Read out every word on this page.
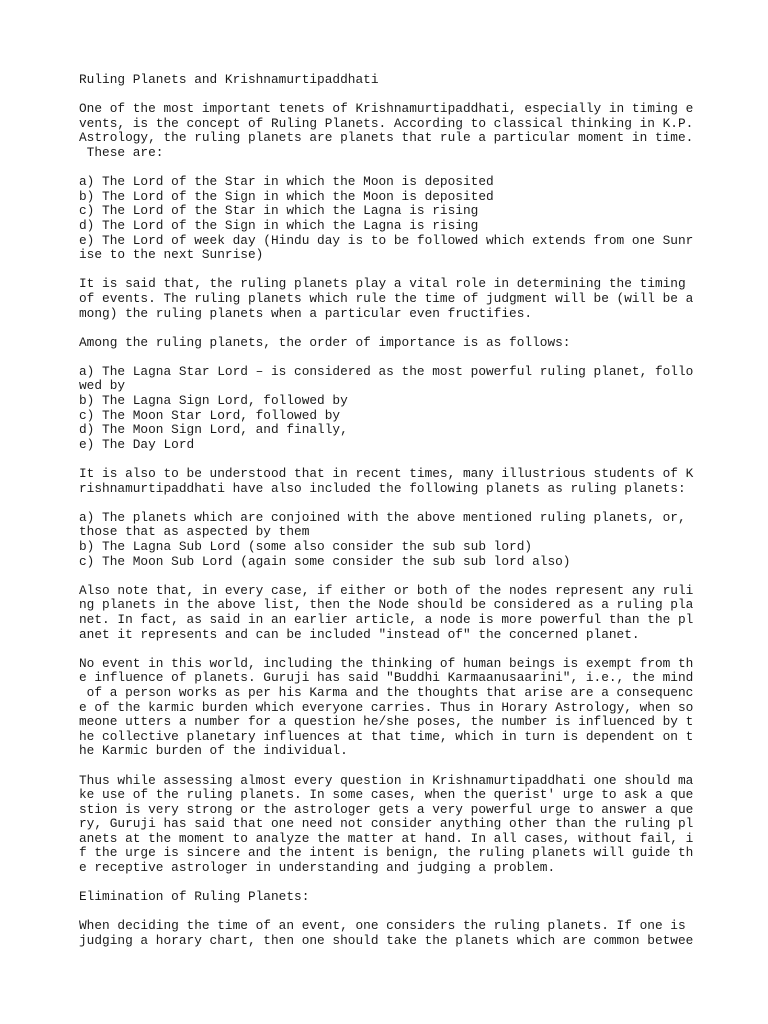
Ruling Planets and Krishnamurtipaddhati
One of the most important tenets of Krishnamurtipaddhati, especially in timing e
vents, is the concept of Ruling Planets. According to classical thinking in K.P.
Astrology, the ruling planets are planets that rule a particular moment in time.
These are:
a) The Lord of the Star in which the Moon is deposited
b) The Lord of the Sign in which the Moon is deposited
c) The Lord of the Star in which the Lagna is rising
d) The Lord of the Sign in which the Lagna is rising
e) The Lord of week day (Hindu day is to be followed which extends from one Sunr
ise to the next Sunrise)
It is said that, the ruling planets play a vital role in determining the timing
of events. The ruling planets which rule the time of judgment will be (will be a
mong) the ruling planets when a particular even fructifies.
Among the ruling planets, the order of importance is as follows:
a) The Lagna Star Lord – is considered as the most powerful ruling planet, follo
wed by
b) The Lagna Sign Lord, followed by
c) The Moon Star Lord, followed by
d) The Moon Sign Lord, and finally,
e) The Day Lord
It is also to be understood that in recent times, many illustrious students of K
rishnamurtipaddhati have also included the following planets as ruling planets:
a) The planets which are conjoined with the above mentioned ruling planets, or,
those that as aspected by them
b) The Lagna Sub Lord (some also consider the sub sub lord)
c) The Moon Sub Lord (again some consider the sub sub lord also)
Also note that, in every case, if either or both of the nodes represent any ruli
ng planets in the above list, then the Node should be considered as a ruling pla
net. In fact, as said in an earlier article, a node is more powerful than the pl
anet it represents and can be included "instead of" the concerned planet.
No event in this world, including the thinking of human beings is exempt from th
e influence of planets. Guruji has said "Buddhi Karmaanusaarini", i.e., the mind
of a person works as per his Karma and the thoughts that arise are a consequenc
e of the karmic burden which everyone carries. Thus in Horary Astrology, when so
meone utters a number for a question he/she poses, the number is influenced by t
he collective planetary influences at that time, which in turn is dependent on t
he Karmic burden of the individual.
Thus while assessing almost every question in Krishnamurtipaddhati one should ma
ke use of the ruling planets. In some cases, when the querist' urge to ask a que
stion is very strong or the astrologer gets a very powerful urge to answer a que
ry, Guruji has said that one need not consider anything other than the ruling pl
anets at the moment to analyze the matter at hand. In all cases, without fail, i
f the urge is sincere and the intent is benign, the ruling planets will guide th
e receptive astrologer in understanding and judging a problem.
Elimination of Ruling Planets:
When deciding the time of an event, one considers the ruling planets. If one is
judging a horary chart, then one should take the planets which are common betwee
